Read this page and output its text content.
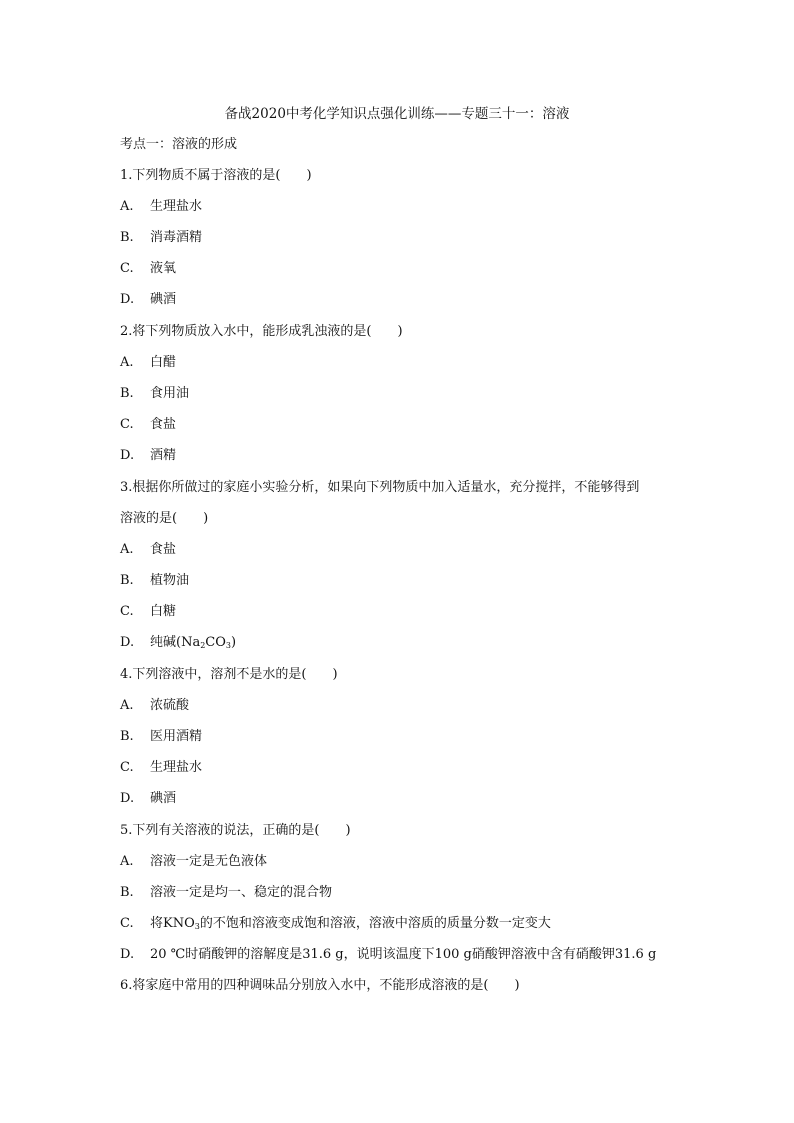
备战2020中考化学知识点强化训练——专题三十一：溶液
考点一：溶液的形成
1.下列物质不属于溶液的是(　　)
A. 生理盐水
B. 消毒酒精
C. 液氧
D. 碘酒
2.将下列物质放入水中，能形成乳浊液的是(　　)
A. 白醋
B. 食用油
C. 食盐
D. 酒精
3.根据你所做过的家庭小实验分析，如果向下列物质中加入适量水，充分搅拌，不能够得到
溶液的是(　　)
A. 食盐
B. 植物油
C. 白糖
D. 纯碱$(Na_2CO_3)$
4.下列溶液中，溶剂不是水的是(　　)
A. 浓硫酸
B. 医用酒精
C. 生理盐水
D. 碘酒
5.下列有关溶液的说法，正确的是(　　)
A. 溶液一定是无色液体
B. 溶液一定是均一、稳定的混合物
C. 将$KNO_3$的不饱和溶液变成饱和溶液，溶液中溶质的质量分数一定变大
D. 20 ℃时硝酸钾的溶解度是31.6 g，说明该温度下100 g硝酸钾溶液中含有硝酸钾31.6 g
6.将家庭中常用的四种调味品分别放入水中，不能形成溶液的是(　　)
